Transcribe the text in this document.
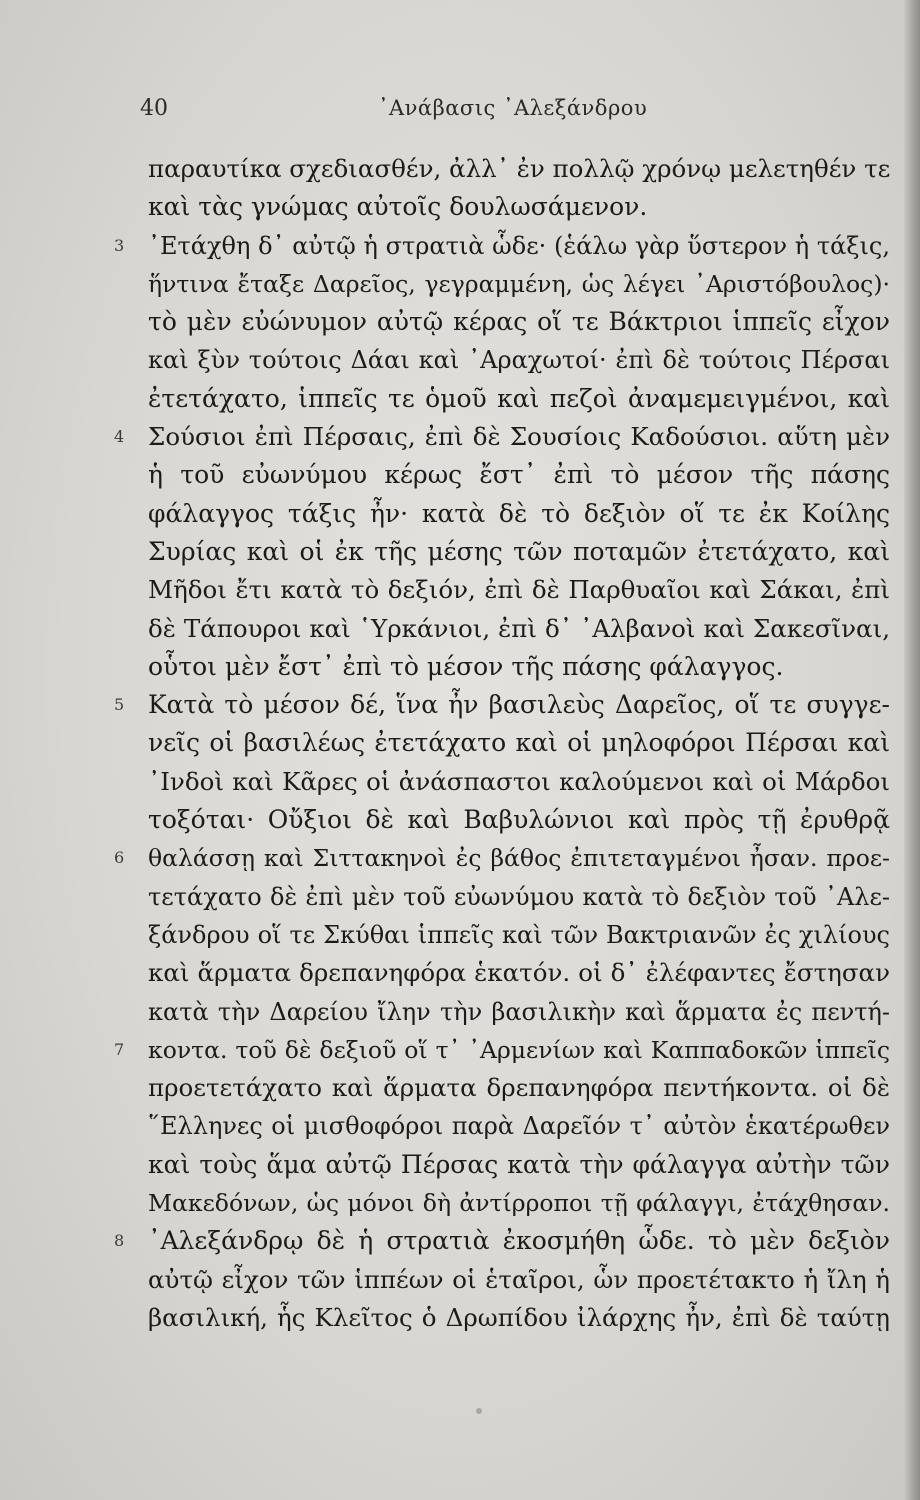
40	᾽Ανάβασις ᾽Αλεξάνδρου
παραυτίκα σχεδιασθέν, ἀλλ᾽ ἐν πολλῷ χρόνῳ μελετηθέν τε
καὶ τὰς γνώμας αὐτοῖς δουλωσάμενον.
3 ᾽Ετάχθη δ᾽ αὐτῷ ἡ στρατιὰ ὧδε· (ἑάλω γὰρ ὕστερον ἡ τάξις,
ἥντινα ἔταξε Δαρεῖος, γεγραμμένη, ὡς λέγει ᾽Αριστόβουλος)·
τὸ μὲν εὐώνυμον αὐτῷ κέρας οἵ τε Βάκτριοι ἱππεῖς εἶχον
καὶ ξὺν τούτοις Δάαι καὶ ᾽Αραχωτοί· ἐπὶ δὲ τούτοις Πέρσαι
ἐτετάχατο, ἱππεῖς τε ὁμοῦ καὶ πεζοὶ ἀναμεμειγμένοι, καὶ
4 Σούσιοι ἐπὶ Πέρσαις, ἐπὶ δὲ Σουσίοις Καδούσιοι. αὕτη μὲν
ἡ τοῦ εὐωνύμου κέρως ἔστ᾽ ἐπὶ τὸ μέσον τῆς πάσης
φάλαγγος τάξις ἦν· κατὰ δὲ τὸ δεξιὸν οἵ τε ἐκ Κοίλης
Συρίας καὶ οἱ ἐκ τῆς μέσης τῶν ποταμῶν ἐτετάχατο, καὶ
Μῆδοι ἔτι κατὰ τὸ δεξιόν, ἐπὶ δὲ Παρθυαῖοι καὶ Σάκαι, ἐπὶ
δὲ Τάπουροι καὶ ῾Υρκάνιοι, ἐπὶ δ᾽ ᾽Αλβανοὶ καὶ Σακεσῖναι,
οὗτοι μὲν ἔστ᾽ ἐπὶ τὸ μέσον τῆς πάσης φάλαγγος.
5 Κατὰ τὸ μέσον δέ, ἵνα ἦν βασιλεὺς Δαρεῖος, οἵ τε συγγε-
νεῖς οἱ βασιλέως ἐτετάχατο καὶ οἱ μηλοφόροι Πέρσαι καὶ
᾽Ινδοὶ καὶ Κᾶρες οἱ ἀνάσπαστοι καλούμενοι καὶ οἱ Μάρδοι
τοξόται· Οὔξιοι δὲ καὶ Βαβυλώνιοι καὶ πρὸς τῇ ἐρυθρᾷ
6 θαλάσσῃ καὶ Σιττακηνοὶ ἐς βάθος ἐπιτεταγμένοι ἦσαν. προε-
τετάχατο δὲ ἐπὶ μὲν τοῦ εὐωνύμου κατὰ τὸ δεξιὸν τοῦ ᾽Αλε-
ξάνδρου οἵ τε Σκύθαι ἱππεῖς καὶ τῶν Βακτριανῶν ἐς χιλίους
καὶ ἅρματα δρεπανηφόρα ἑκατόν. οἱ δ᾽ ἐλέφαντες ἔστησαν
κατὰ τὴν Δαρείου ἴλην τὴν βασιλικὴν καὶ ἅρματα ἐς πεντή-
7 κοντα. τοῦ δὲ δεξιοῦ οἵ τ᾽ ᾽Αρμενίων καὶ Καππαδοκῶν ἱππεῖς
προετετάχατο καὶ ἅρματα δρεπανηφόρα πεντήκοντα. οἱ δὲ
῞Ελληνες οἱ μισθοφόροι παρὰ Δαρεῖόν τ᾽ αὐτὸν ἑκατέρωθεν
καὶ τοὺς ἅμα αὐτῷ Πέρσας κατὰ τὴν φάλαγγα αὐτὴν τῶν
Μακεδόνων, ὡς μόνοι δὴ ἀντίρροποι τῇ φάλαγγι, ἐτάχθησαν.
8 ᾽Αλεξάνδρῳ δὲ ἡ στρατιὰ ἐκοσμήθη ὧδε. τὸ μὲν δεξιὸν
αὐτῷ εἶχον τῶν ἱππέων οἱ ἑταῖροι, ὧν προετέτακτο ἡ ἴλη ἡ
βασιλική, ἧς Κλεῖτος ὁ Δρωπίδου ἰλάρχης ἦν, ἐπὶ δὲ ταύτῃ
